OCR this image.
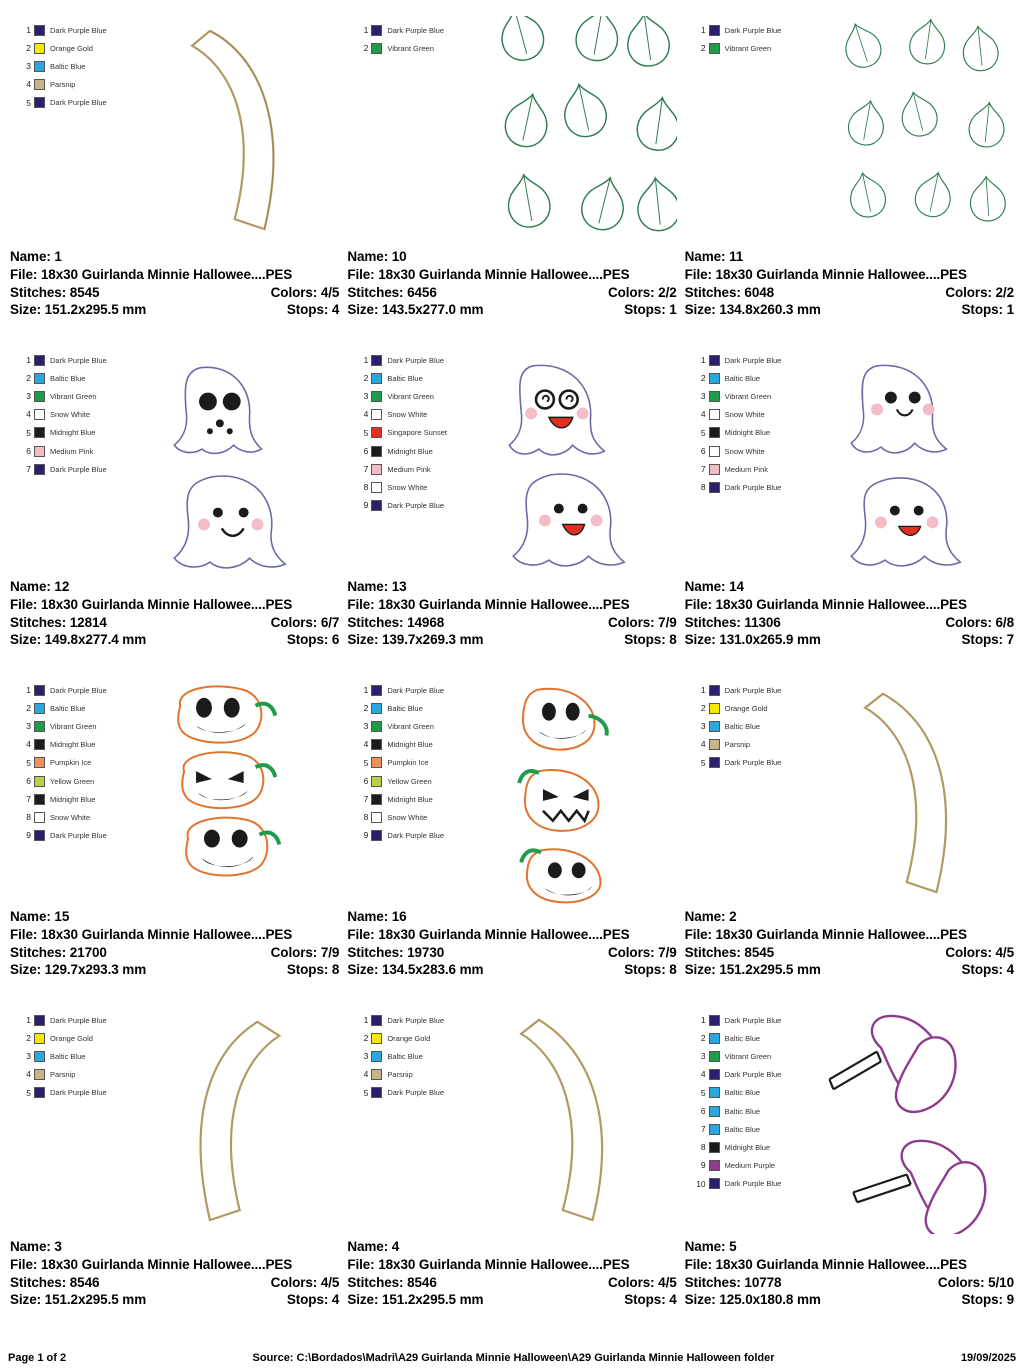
1	Dark Purple Blue
2	Orange Gold
3	Baltic Blue
4	Parsnip
5	Dark Purple Blue
Name: 1
File: 18x30 Guirlanda Minnie Hallowee....PES
Stitches: 8545	Colors: 4/5
Size: 151.2x295.5 mm	Stops: 4
1	Dark Purple Blue
2	Vibrant Green
Name: 10
File: 18x30 Guirlanda Minnie Hallowee....PES
Stitches: 6456	Colors: 2/2
Size: 143.5x277.0 mm	Stops: 1
1	Dark Purple Blue
2	Vibrant Green
Name: 11
File: 18x30 Guirlanda Minnie Hallowee....PES
Stitches: 6048	Colors: 2/2
Size: 134.8x260.3 mm	Stops: 1
1	Dark Purple Blue
2	Baltic Blue
3	Vibrant Green
4	Snow White
5	Midnight Blue
6	Medium Pink
7	Dark Purple Blue
Name: 12
File: 18x30 Guirlanda Minnie Hallowee....PES
Stitches: 12814	Colors: 6/7
Size: 149.8x277.4 mm	Stops: 6
1	Dark Purple Blue
2	Baltic Blue
3	Vibrant Green
4	Snow White
5	Singapore Sunset
6	Midnight Blue
7	Medium Pink
8	Snow White
9	Dark Purple Blue
Name: 13
File: 18x30 Guirlanda Minnie Hallowee....PES
Stitches: 14968	Colors: 7/9
Size: 139.7x269.3 mm	Stops: 8
1	Dark Purple Blue
2	Baltic Blue
3	Vibrant Green
4	Snow White
5	Midnight Blue
6	Snow White
7	Medium Pink
8	Dark Purple Blue
Name: 14
File: 18x30 Guirlanda Minnie Hallowee....PES
Stitches: 11306	Colors: 6/8
Size: 131.0x265.9 mm	Stops: 7
1	Dark Purple Blue
2	Baltic Blue
3	Vibrant Green
4	Midnight Blue
5	Pumpkin Ice
6	Yellow Green
7	Midnight Blue
8	Snow White
9	Dark Purple Blue
Name: 15
File: 18x30 Guirlanda Minnie Hallowee....PES
Stitches: 21700	Colors: 7/9
Size: 129.7x293.3 mm	Stops: 8
1	Dark Purple Blue
2	Baltic Blue
3	Vibrant Green
4	Midnight Blue
5	Pumpkin Ice
6	Yellow Green
7	Midnight Blue
8	Snow White
9	Dark Purple Blue
Name: 16
File: 18x30 Guirlanda Minnie Hallowee....PES
Stitches: 19730	Colors: 7/9
Size: 134.5x283.6 mm	Stops: 8
1	Dark Purple Blue
2	Orange Gold
3	Baltic Blue
4	Parsnip
5	Dark Purple Blue
Name: 2
File: 18x30 Guirlanda Minnie Hallowee....PES
Stitches: 8545	Colors: 4/5
Size: 151.2x295.5 mm	Stops: 4
1	Dark Purple Blue
2	Orange Gold
3	Baltic Blue
4	Parsnip
5	Dark Purple Blue
Name: 3
File: 18x30 Guirlanda Minnie Hallowee....PES
Stitches: 8546	Colors: 4/5
Size: 151.2x295.5 mm	Stops: 4
1	Dark Purple Blue
2	Orange Gold
3	Baltic Blue
4	Parsnip
5	Dark Purple Blue
Name: 4
File: 18x30 Guirlanda Minnie Hallowee....PES
Stitches: 8546	Colors: 4/5
Size: 151.2x295.5 mm	Stops: 4
1	Dark Purple Blue
2	Baltic Blue
3	Vibrant Green
4	Dark Purple Blue
5	Baltic Blue
6	Baltic Blue
7	Baltic Blue
8	Midnight Blue
9	Medium Purple
10	Dark Purple Blue
Name: 5
File: 18x30 Guirlanda Minnie Hallowee....PES
Stitches: 10778	Colors: 5/10
Size: 125.0x180.8 mm	Stops: 9
Page 1 of 2	Source: C:\Bordados\Madri\A29 Guirlanda Minnie Halloween\A29 Guirlanda Minnie Halloween folder	19/09/2025
